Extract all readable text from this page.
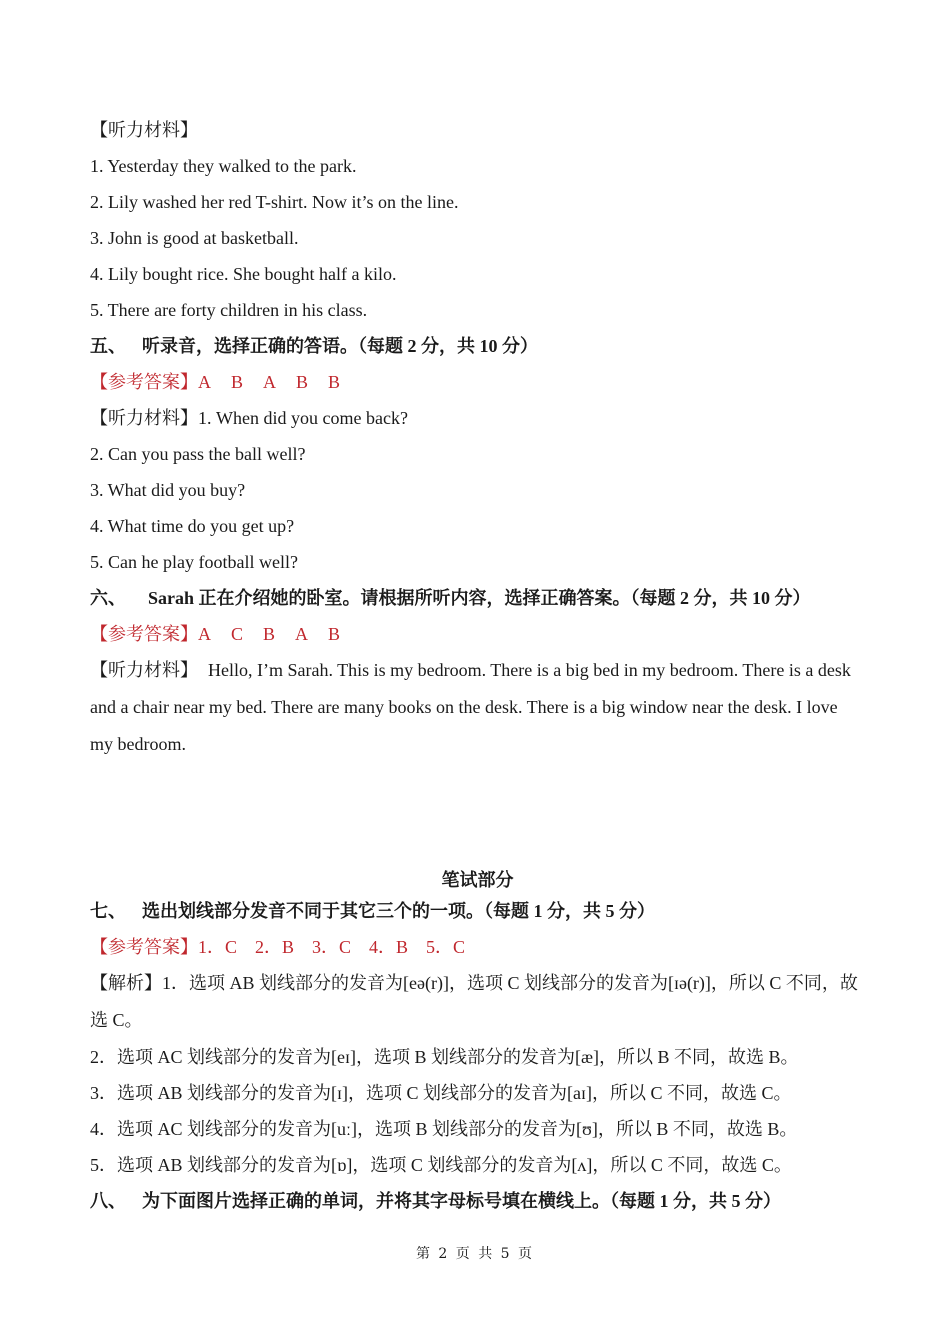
【听力材料】
1. Yesterday they walked to the park.
2. Lily washed her red T-shirt. Now it’s on the line.
3. John is good at basketball.
4. Lily bought rice. She bought half a kilo.
5. There are forty children in his class.
五、 听录音，选择正确的答语。（每题 2 分，共 10 分）
【参考答案】A B A B B
【听力材料】1. When did you come back?
2. Can you pass the ball well?
3. What did you buy?
4. What time do you get up?
5. Can he play football well?
六、 Sarah 正在介绍她的卧室。请根据所听内容，选择正确答案。（每题 2 分，共 10 分）
【参考答案】A C B A B
【听力材料】 Hello, I’m Sarah. This is my bedroom. There is a big bed in my bedroom. There is a desk and a chair near my bed. There are many books on the desk. There is a big window near the desk. I love my bedroom.
笔试部分
七、 选出划线部分发音不同于其它三个的一项。（每题 1 分，共 5 分）
【参考答案】1．C　2．B　3．C　4．B　5．C
【解析】1．选项 AB 划线部分的发音为[eə(r)]，选项 C 划线部分的发音为[ɪə(r)]，所以 C 不同，故选 C。
2．选项 AC 划线部分的发音为[eɪ]，选项 B 划线部分的发音为[æ]，所以 B 不同，故选 B。
3．选项 AB 划线部分的发音为[ɪ]，选项 C 划线部分的发音为[aɪ]，所以 C 不同，故选 C。
4．选项 AC 划线部分的发音为[uː]，选项 B 划线部分的发音为[ʊ]，所以 B 不同，故选 B。
5．选项 AB 划线部分的发音为[ɒ]，选项 C 划线部分的发音为[ʌ]，所以 C 不同，故选 C。
八、 为下面图片选择正确的单词，并将其字母标号填在横线上。（每题 1 分，共 5 分）
第 2 页 共 5 页
